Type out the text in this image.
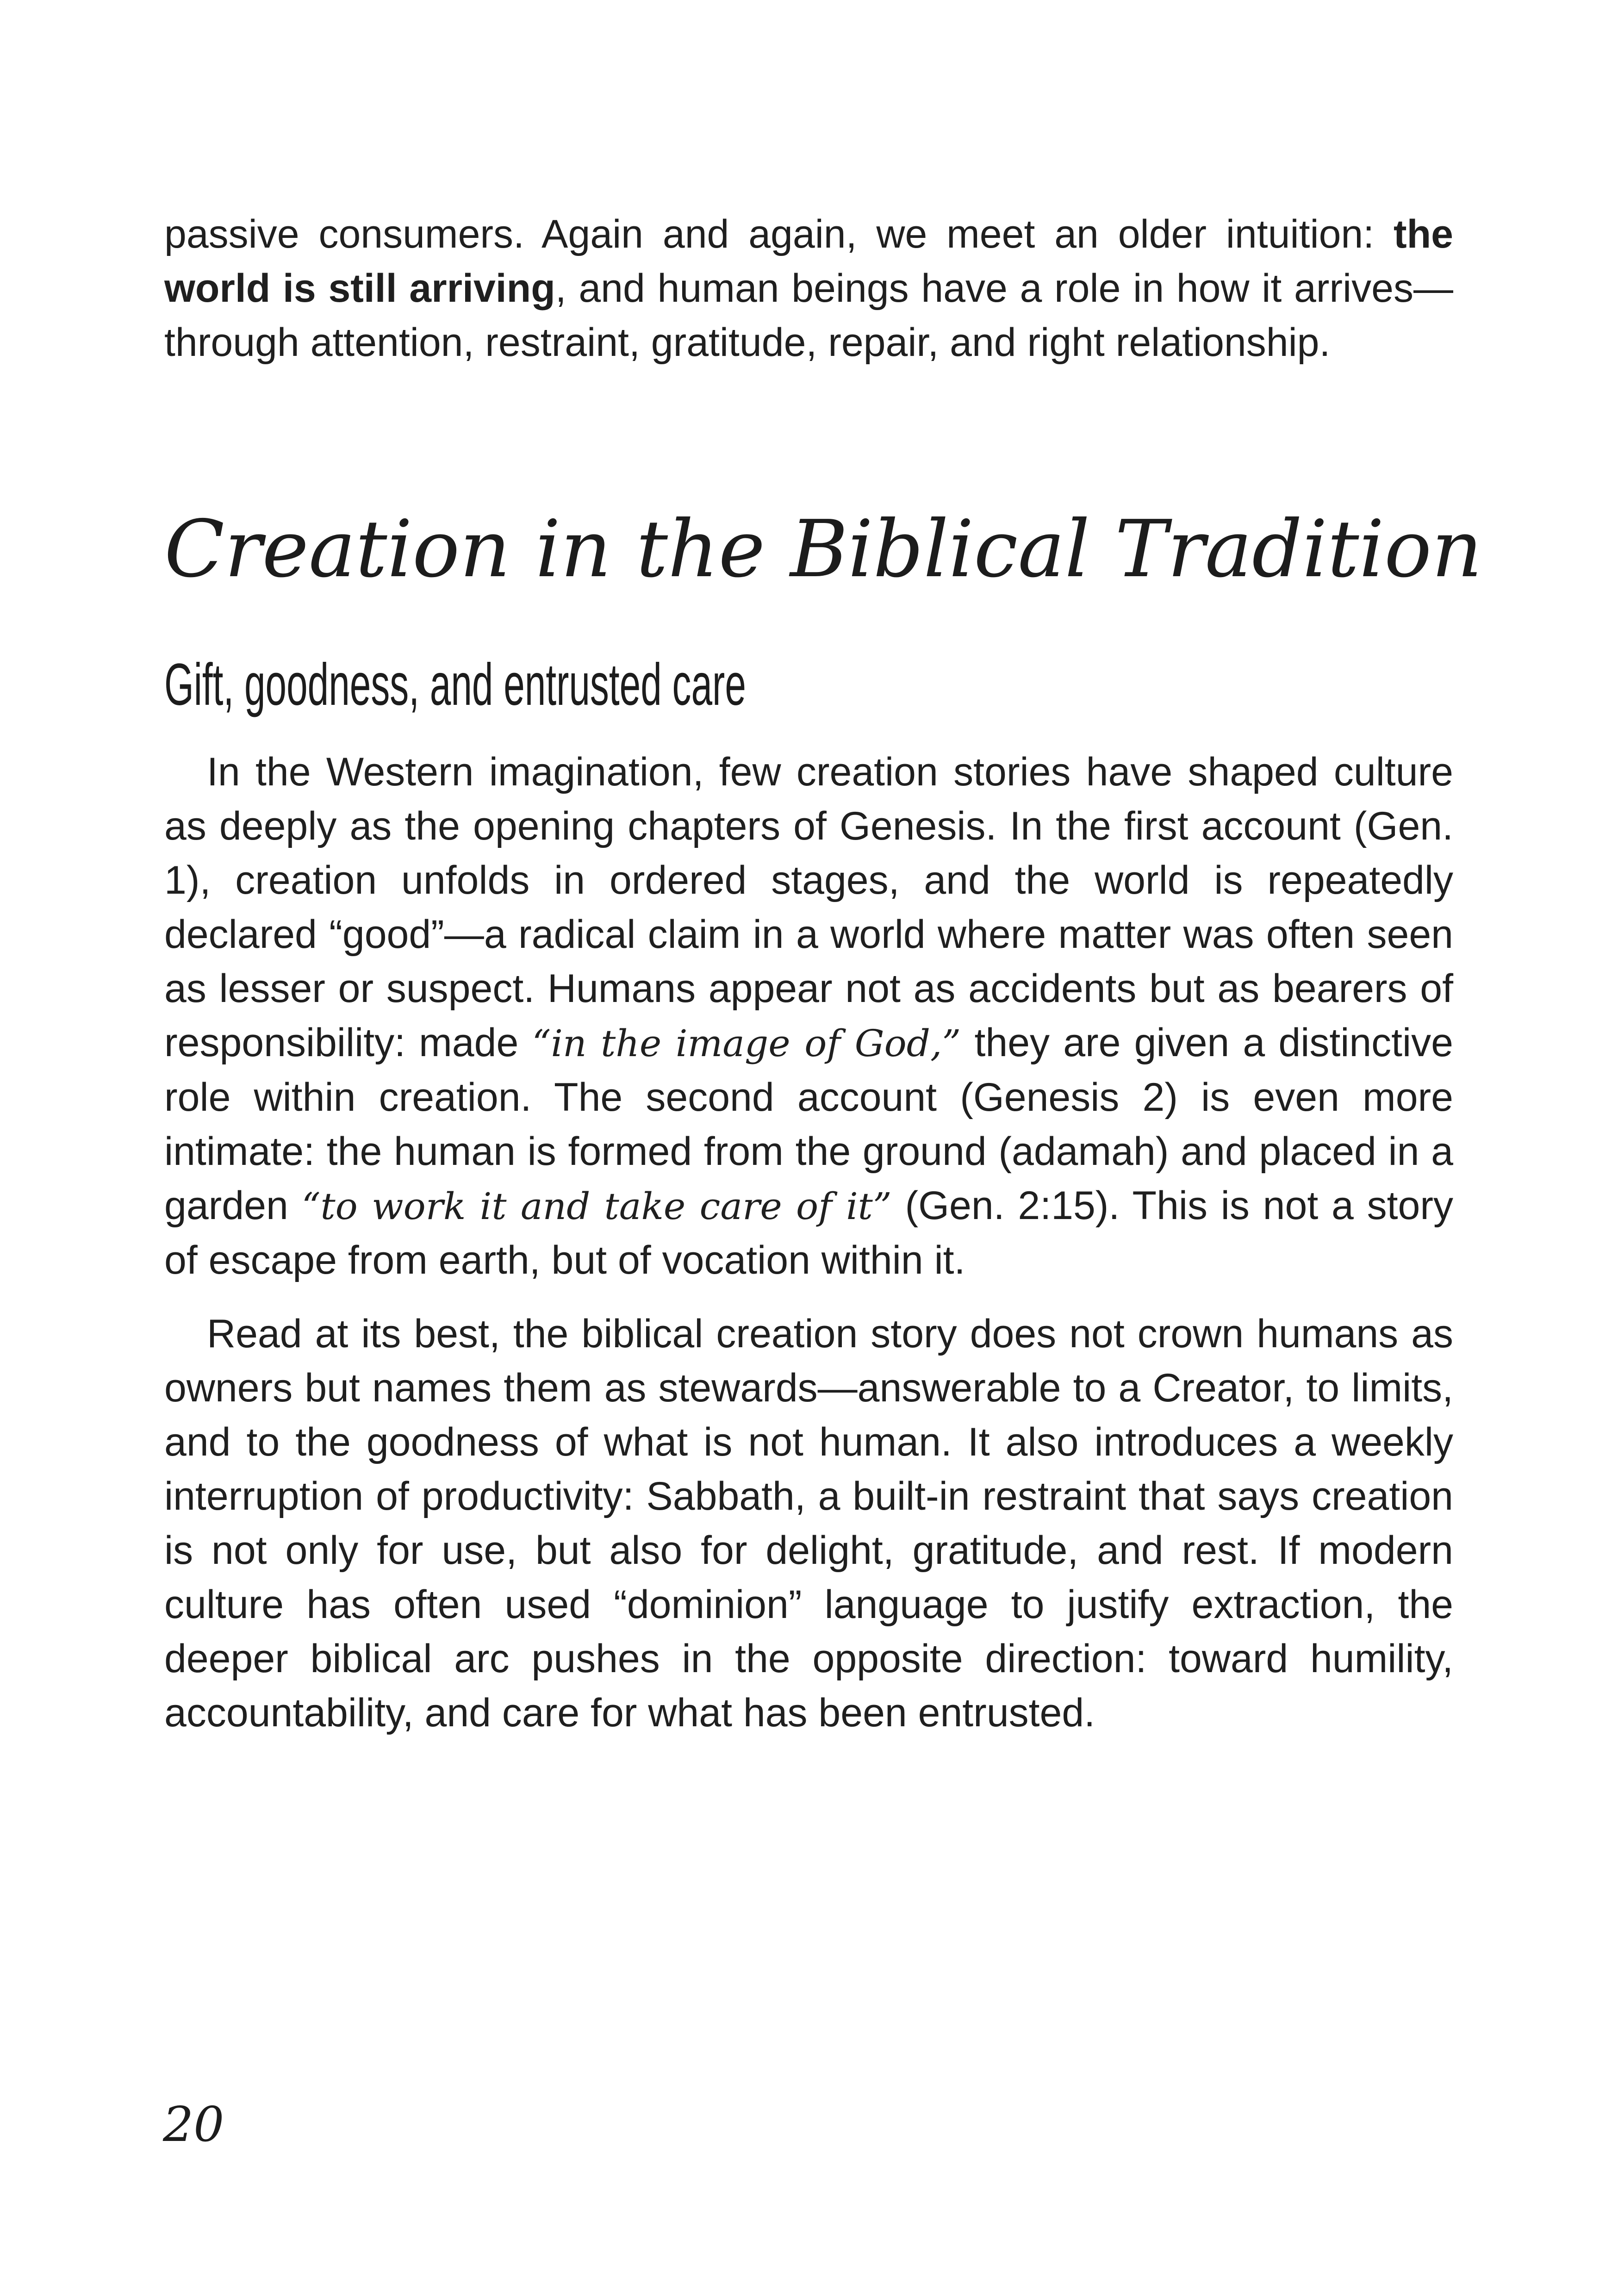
passive consumers. Again and again, we meet an older intuition: the world is still arriving, and human beings have a role in how it arrives—through attention, restraint, gratitude, repair, and right relationship.

Creation in the Biblical Tradition
Gift, goodness, and entrusted care

In the Western imagination, few creation stories have shaped culture as deeply as the opening chapters of Genesis. In the first account (Gen. 1), creation unfolds in ordered stages, and the world is repeatedly declared “good”—a radical claim in a world where matter was often seen as lesser or suspect. Humans appear not as accidents but as bearers of responsibility: made “in the image of God,” they are given a distinctive role within creation. The second account (Genesis 2) is even more intimate: the human is formed from the ground (adamah) and placed in a garden “to work it and take care of it” (Gen. 2:15). This is not a story of escape from earth, but of vocation within it.

Read at its best, the biblical creation story does not crown humans as owners but names them as stewards—answerable to a Creator, to limits, and to the goodness of what is not human. It also introduces a weekly interruption of productivity: Sabbath, a built-in restraint that says creation is not only for use, but also for delight, gratitude, and rest. If modern culture has often used “dominion” language to justify extraction, the deeper biblical arc pushes in the opposite direction: toward humility, accountability, and care for what has been entrusted.

20
